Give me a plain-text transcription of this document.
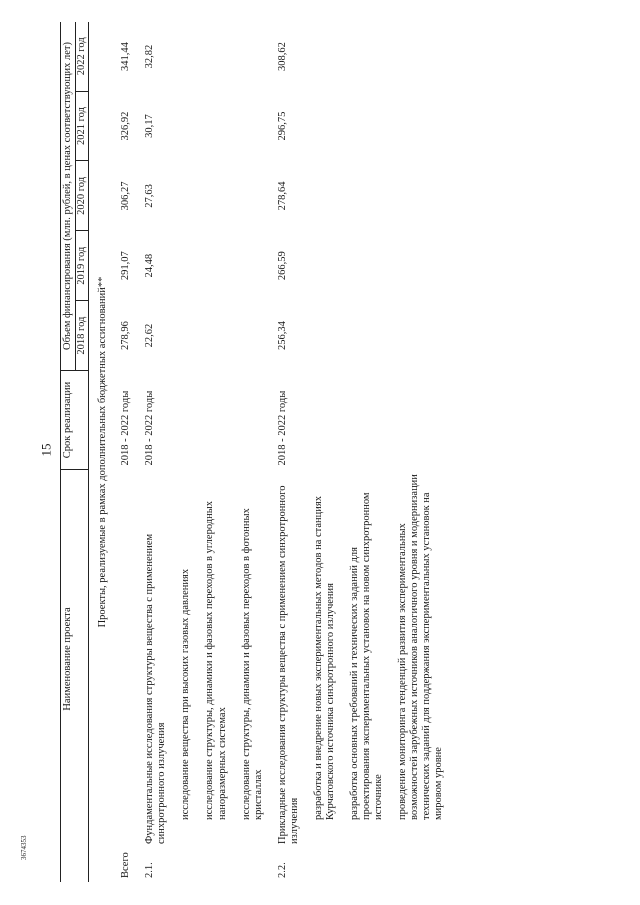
15
3674353
	Наименование проекта	Срок реализации	Объем финансирования (млн. рублей, в ценах соответствующих лет)				
			2018 год	2019 год	2020 год	2021 год	2022 год
Проекты, реализуемые в рамках дополнительных бюджетных ассигнований**							
Всего		2018 - 2022 годы	278,96	291,07	306,27	326,92	341,44

2.1.	Фундаментальные исследования структуры вещества с применением синхротронного излучения	2018 - 2022 годы	22,62	24,48	27,63	30,17	32,82

	исследование вещества при высоких газовых давлениях						

	исследование структуры, динамики и фазовых переходов в углеродных наноразмерных системах						

	исследование структуры, динамики и фазовых переходов в фотонных кристаллах						

2.2.	Прикладные исследования структуры вещества с применением синхротронного излучения	2018 - 2022 годы	256,34	266,59	278,64	296,75	308,62

	разработка и внедрение новых экспериментальных методов на станциях Курчатовского источника синхротронного излучения						

	разработка основных требований и технических заданий для проектирования экспериментальных установок на новом синхротронном источнике						

	проведение мониторинга тенденций развития экспериментальных возможностей зарубежных источников аналогичного уровня и модернизации технических заданий для поддержания экспериментальных установок на мировом уровне						
